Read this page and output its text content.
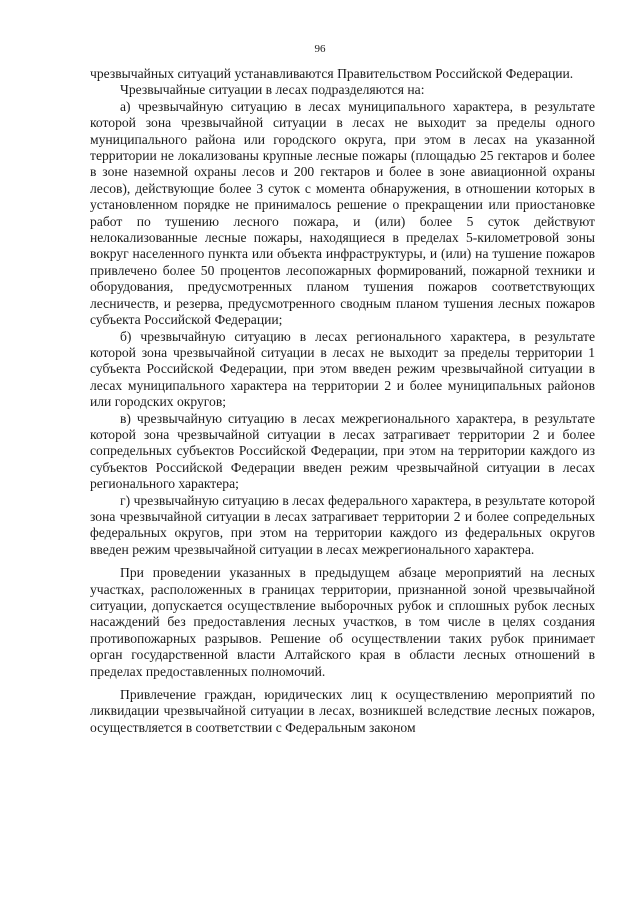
96

чрезвычайных ситуаций устанавливаются Правительством Российской Федерации.

Чрезвычайные ситуации в лесах подразделяются на:

а) чрезвычайную ситуацию в лесах муниципального характера, в результате которой зона чрезвычайной ситуации в лесах не выходит за пределы одного муниципального района или городского округа, при этом в лесах на указанной территории не локализованы крупные лесные пожары (площадью 25 гектаров и более в зоне наземной охраны лесов и 200 гектаров и более в зоне авиационной охраны лесов), действующие более 3 суток с момента обнаружения, в отношении которых в установленном порядке не принималось решение о прекращении или приостановке работ по тушению лесного пожара, и (или) более 5 суток действуют нелокализованные лесные пожары, находящиеся в пределах 5-километровой зоны вокруг населенного пункта или объекта инфраструктуры, и (или) на тушение пожаров привлечено более 50 процентов лесопожарных формирований, пожарной техники и оборудования, предусмотренных планом тушения пожаров соответствующих лесничеств, и резерва, предусмотренного сводным планом тушения лесных пожаров субъекта Российской Федерации;

б) чрезвычайную ситуацию в лесах регионального характера, в результате которой зона чрезвычайной ситуации в лесах не выходит за пределы территории 1 субъекта Российской Федерации, при этом введен режим чрезвычайной ситуации в лесах муниципального характера на территории 2 и более муниципальных районов или городских округов;

в) чрезвычайную ситуацию в лесах межрегионального характера, в результате которой зона чрезвычайной ситуации в лесах затрагивает территории 2 и более сопредельных субъектов Российской Федерации, при этом на территории каждого из субъектов Российской Федерации введен режим чрезвычайной ситуации в лесах регионального характера;

г) чрезвычайную ситуацию в лесах федерального характера, в результате которой зона чрезвычайной ситуации в лесах затрагивает территории 2 и более сопредельных федеральных округов, при этом на территории каждого из федеральных округов введен режим чрезвычайной ситуации в лесах межрегионального характера.

При проведении указанных в предыдущем абзаце мероприятий на лесных участках, расположенных в границах территории, признанной зоной чрезвычайной ситуации, допускается осуществление выборочных рубок и сплошных рубок лесных насаждений без предоставления лесных участков, в том числе в целях создания противопожарных разрывов. Решение об осуществлении таких рубок принимает орган государственной власти Алтайского края в области лесных отношений в пределах предоставленных полномочий.

Привлечение граждан, юридических лиц к осуществлению мероприятий по ликвидации чрезвычайной ситуации в лесах, возникшей вследствие лесных пожаров, осуществляется в соответствии с Федеральным законом
